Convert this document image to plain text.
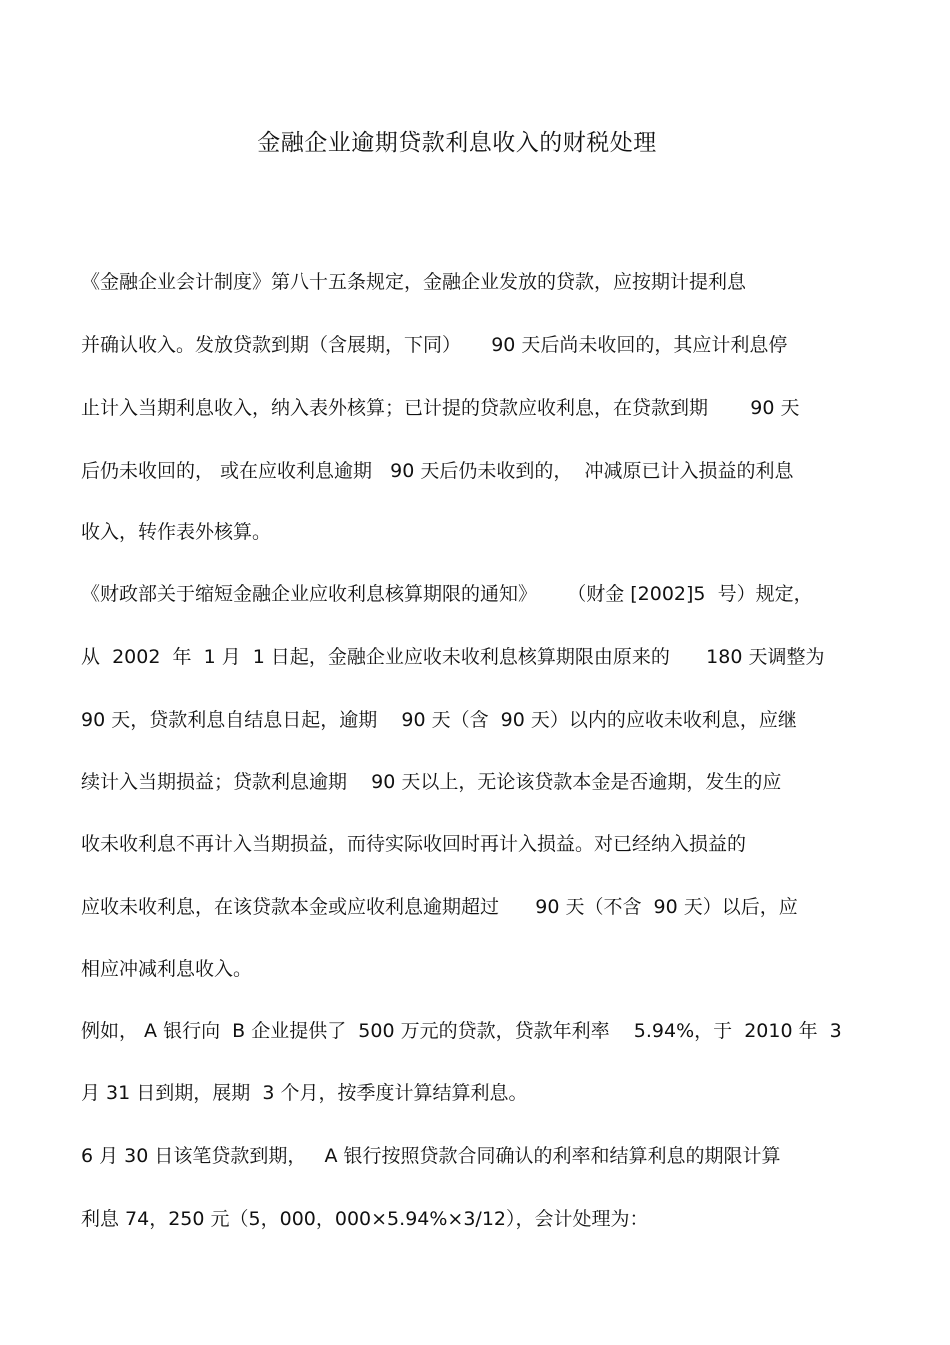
金融企业逾期贷款利息收入的财税处理
《金融企业会计制度》第八十五条规定，金融企业发放的贷款，应按期计提利息
并确认收入。发放贷款到期（含展期，下同）     90 天后尚未收回的，其应计利息停
止计入当期利息收入，纳入表外核算；已计提的贷款应收利息，在贷款到期       90 天
后仍未收回的， 或在应收利息逾期   90 天后仍未收到的，  冲减原已计入损益的利息
收入，转作表外核算。
《财政部关于缩短金融企业应收利息核算期限的通知》     （财金 [2002]5  号）规定，
从  2002  年  1 月  1 日起，金融企业应收未收利息核算期限由原来的      180 天调整为
90 天，贷款利息自结息日起，逾期    90 天（含  90 天）以内的应收未收利息，应继
续计入当期损益；贷款利息逾期    90 天以上，无论该贷款本金是否逾期，发生的应
收未收利息不再计入当期损益，而待实际收回时再计入损益。对已经纳入损益的
应收未收利息，在该贷款本金或应收利息逾期超过      90 天（不含  90 天）以后，应
相应冲减利息收入。
例如， A 银行向  B 企业提供了  500 万元的贷款，贷款年利率    5.94%，于  2010 年  3
月 31 日到期，展期  3 个月，按季度计算结算利息。
6 月 30 日该笔贷款到期，   A 银行按照贷款合同确认的利率和结算利息的期限计算
利息 74，250 元（5，000，000×5.94%×3/12），会计处理为：
